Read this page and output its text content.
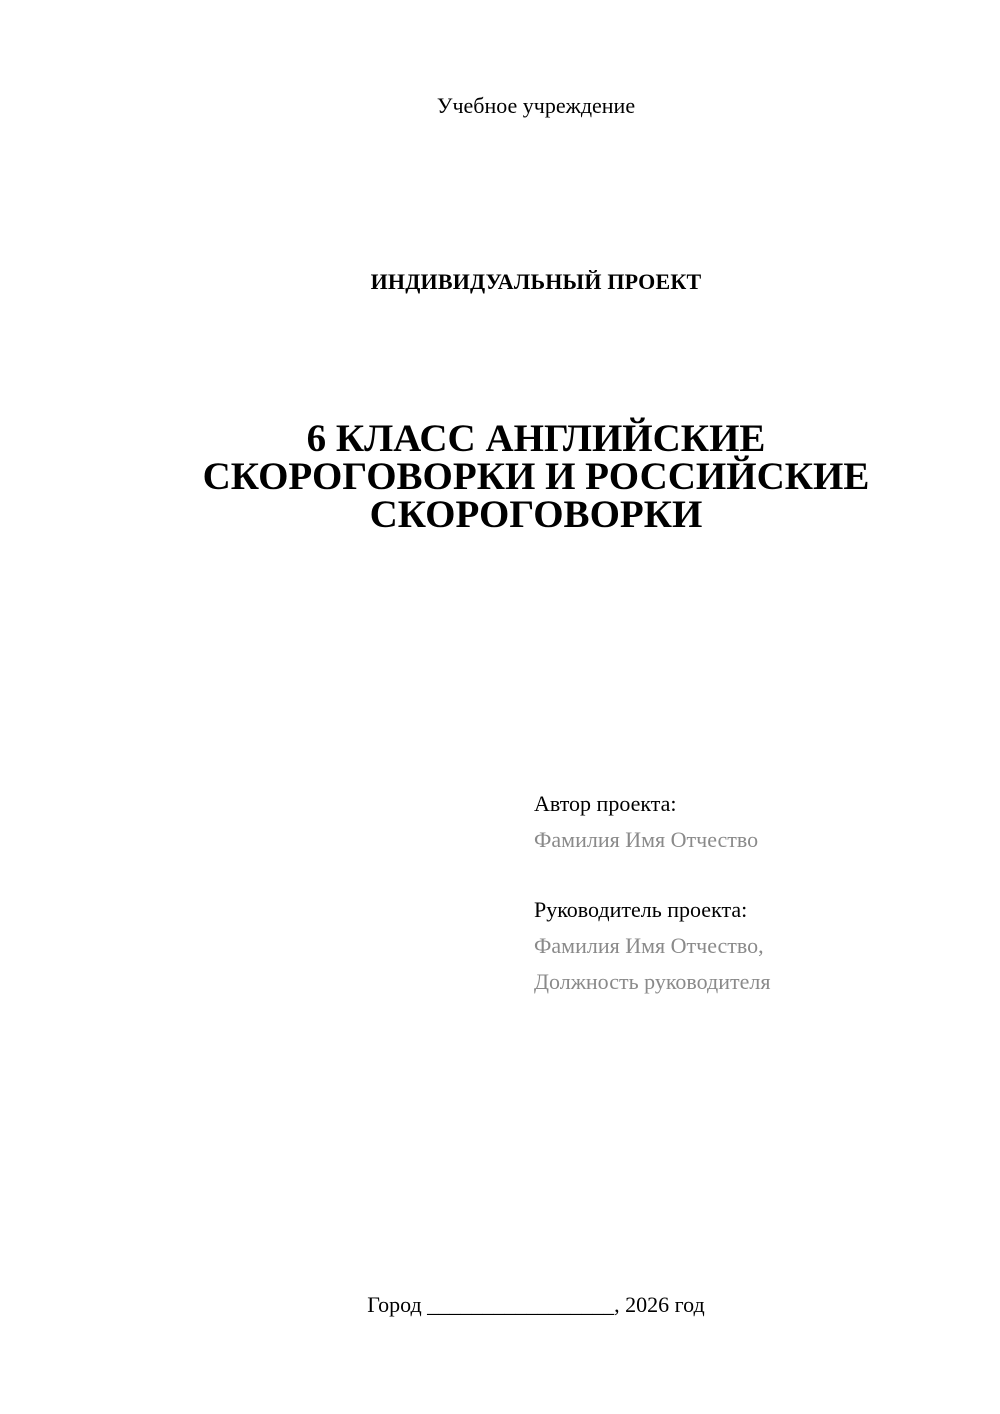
Учебное учреждение
ИНДИВИДУАЛЬНЫЙ ПРОЕКТ
6 КЛАСС АНГЛИЙСКИЕ
СКОРОГОВОРКИ И РОССИЙСКИЕ
СКОРОГОВОРКИ
Автор проекта:
Фамилия Имя Отчество
Руководитель проекта:
Фамилия Имя Отчество,
Должность руководителя
Город _________________, 2026 год
